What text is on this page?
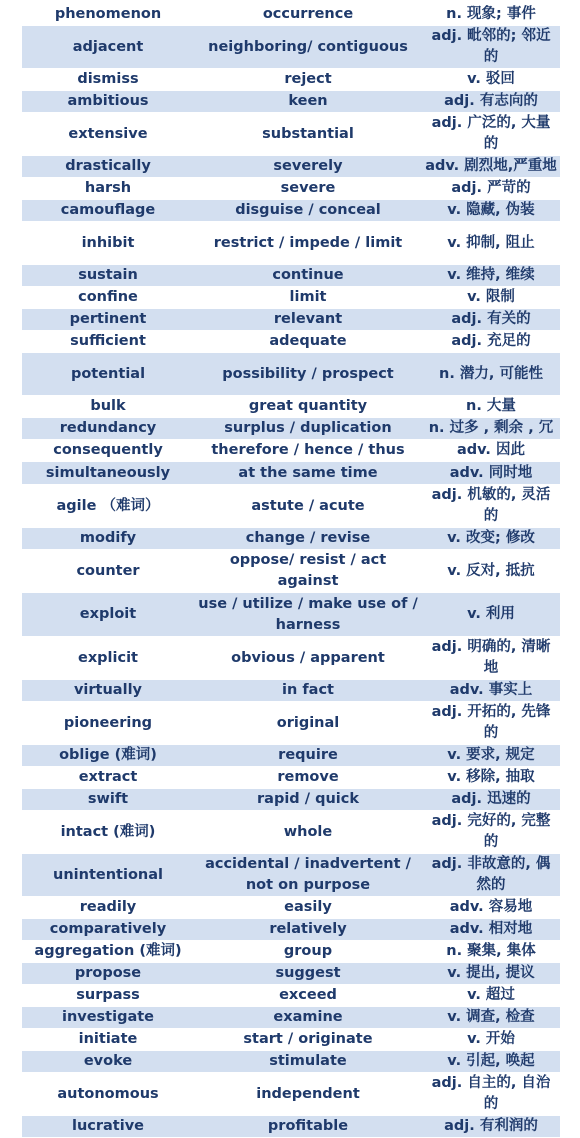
phenomenon	occurrence	n. 现象; 事件
adjacent	neighboring/ contiguous	adj. 毗邻的; 邻近的
dismiss	reject	v. 驳回
ambitious	keen	adj. 有志向的
extensive	substantial	adj. 广泛的, 大量的
drastically	severely	adv. 剧烈地,严重地
harsh	severe	adj. 严苛的
camouflage	disguise / conceal	v. 隐藏, 伪装
inhibit	restrict / impede / limit	v. 抑制, 阻止
sustain	continue	v. 维持, 维续
confine	limit	v. 限制
pertinent	relevant	adj. 有关的
sufficient	adequate	adj. 充足的
potential	possibility / prospect	n. 潜力, 可能性
bulk	great quantity	n. 大量
redundancy	surplus / duplication	n. 过多 , 剩余 , 冗
consequently	therefore / hence / thus	adv. 因此
simultaneously	at the same time	adv. 同时地
agile （难词）	astute / acute	adj. 机敏的, 灵活的
modify	change / revise	v. 改变; 修改
counter	oppose/ resist / act against	v. 反对, 抵抗
exploit	use / utilize / make use of / harness	v. 利用
explicit	obvious / apparent	adj. 明确的, 清晰地
virtually	in fact	adv. 事实上
pioneering	original	adj. 开拓的, 先锋的
oblige (难词)	require	v. 要求, 规定
extract	remove	v. 移除, 抽取
swift	rapid / quick	adj. 迅速的
intact (难词)	whole	adj. 完好的, 完整的
unintentional	accidental / inadvertent / not on purpose	adj. 非故意的, 偶然的
readily	easily	adv. 容易地
comparatively	relatively	adv. 相对地
aggregation (难词)	group	n. 聚集, 集体
propose	suggest	v. 提出, 提议
surpass	exceed	v. 超过
investigate	examine	v. 调查, 检查
initiate	start / originate	v. 开始
evoke	stimulate	v. 引起, 唤起
autonomous	independent	adj. 自主的, 自治的
lucrative	profitable	adj. 有利润的
